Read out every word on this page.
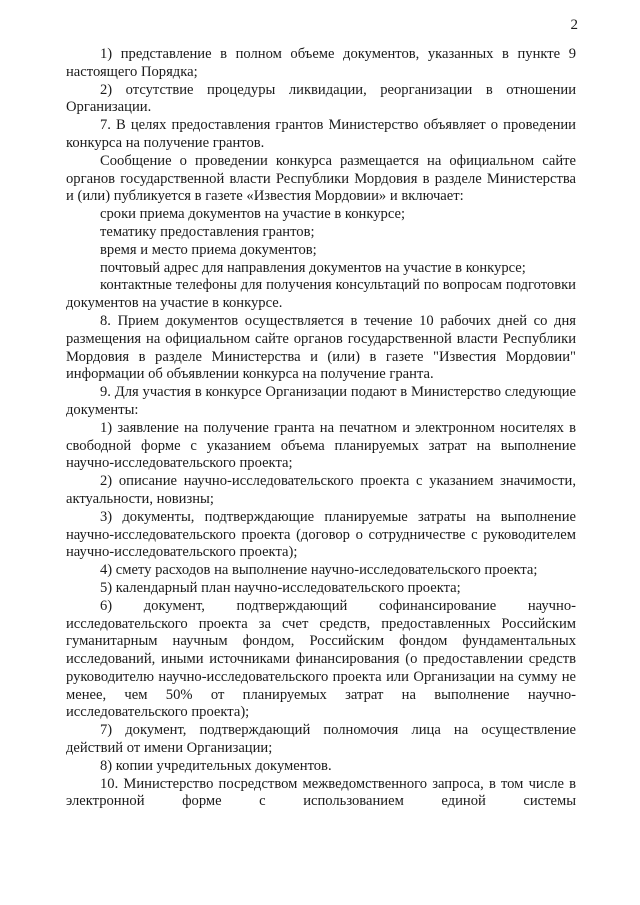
2

1) представление в полном объеме документов, указанных в пункте 9 настоящего Порядка;

2) отсутствие процедуры ликвидации, реорганизации в отношении Организации.

7. В целях предоставления грантов Министерство объявляет о проведении конкурса на получение грантов.

Сообщение о проведении конкурса размещается на официальном сайте органов государственной власти Республики Мордовия в разделе Министерства и (или) публикуется в газете «Известия Мордовии» и включает:

сроки приема документов на участие в конкурсе;

тематику предоставления грантов;

время и место приема документов;

почтовый адрес для направления документов на участие в конкурсе;

контактные телефоны для получения консультаций по вопросам подготовки документов на участие в конкурсе.

8. Прием документов осуществляется в течение 10 рабочих дней со дня размещения на официальном сайте органов государственной власти Республики Мордовия в разделе Министерства и (или) в газете "Известия Мордовии" информации об объявлении конкурса на получение гранта.

9. Для участия в конкурсе Организации подают в Министерство следующие документы:

1) заявление на получение гранта на печатном и электронном носителях в свободной форме с указанием объема планируемых затрат на выполнение научно-исследовательского проекта;

2) описание научно-исследовательского проекта с указанием значимости, актуальности, новизны;

3) документы, подтверждающие планируемые затраты на выполнение научно-исследовательского проекта (договор о сотрудничестве с руководителем научно-исследовательского проекта);

4) смету расходов на выполнение научно-исследовательского проекта;

5) календарный план научно-исследовательского проекта;

6) документ, подтверждающий софинансирование научно-исследовательского проекта за счет средств, предоставленных Российским гуманитарным научным фондом, Российским фондом фундаментальных исследований, иными источниками финансирования (о предоставлении средств руководителю научно-исследовательского проекта или Организации на сумму не менее, чем 50% от планируемых затрат на выполнение научно-исследовательского проекта);

7) документ, подтверждающий полномочия лица на осуществление действий от имени Организации;

8) копии учредительных документов.

10. Министерство посредством межведомственного запроса, в том числе в электронной форме с использованием единой системы
